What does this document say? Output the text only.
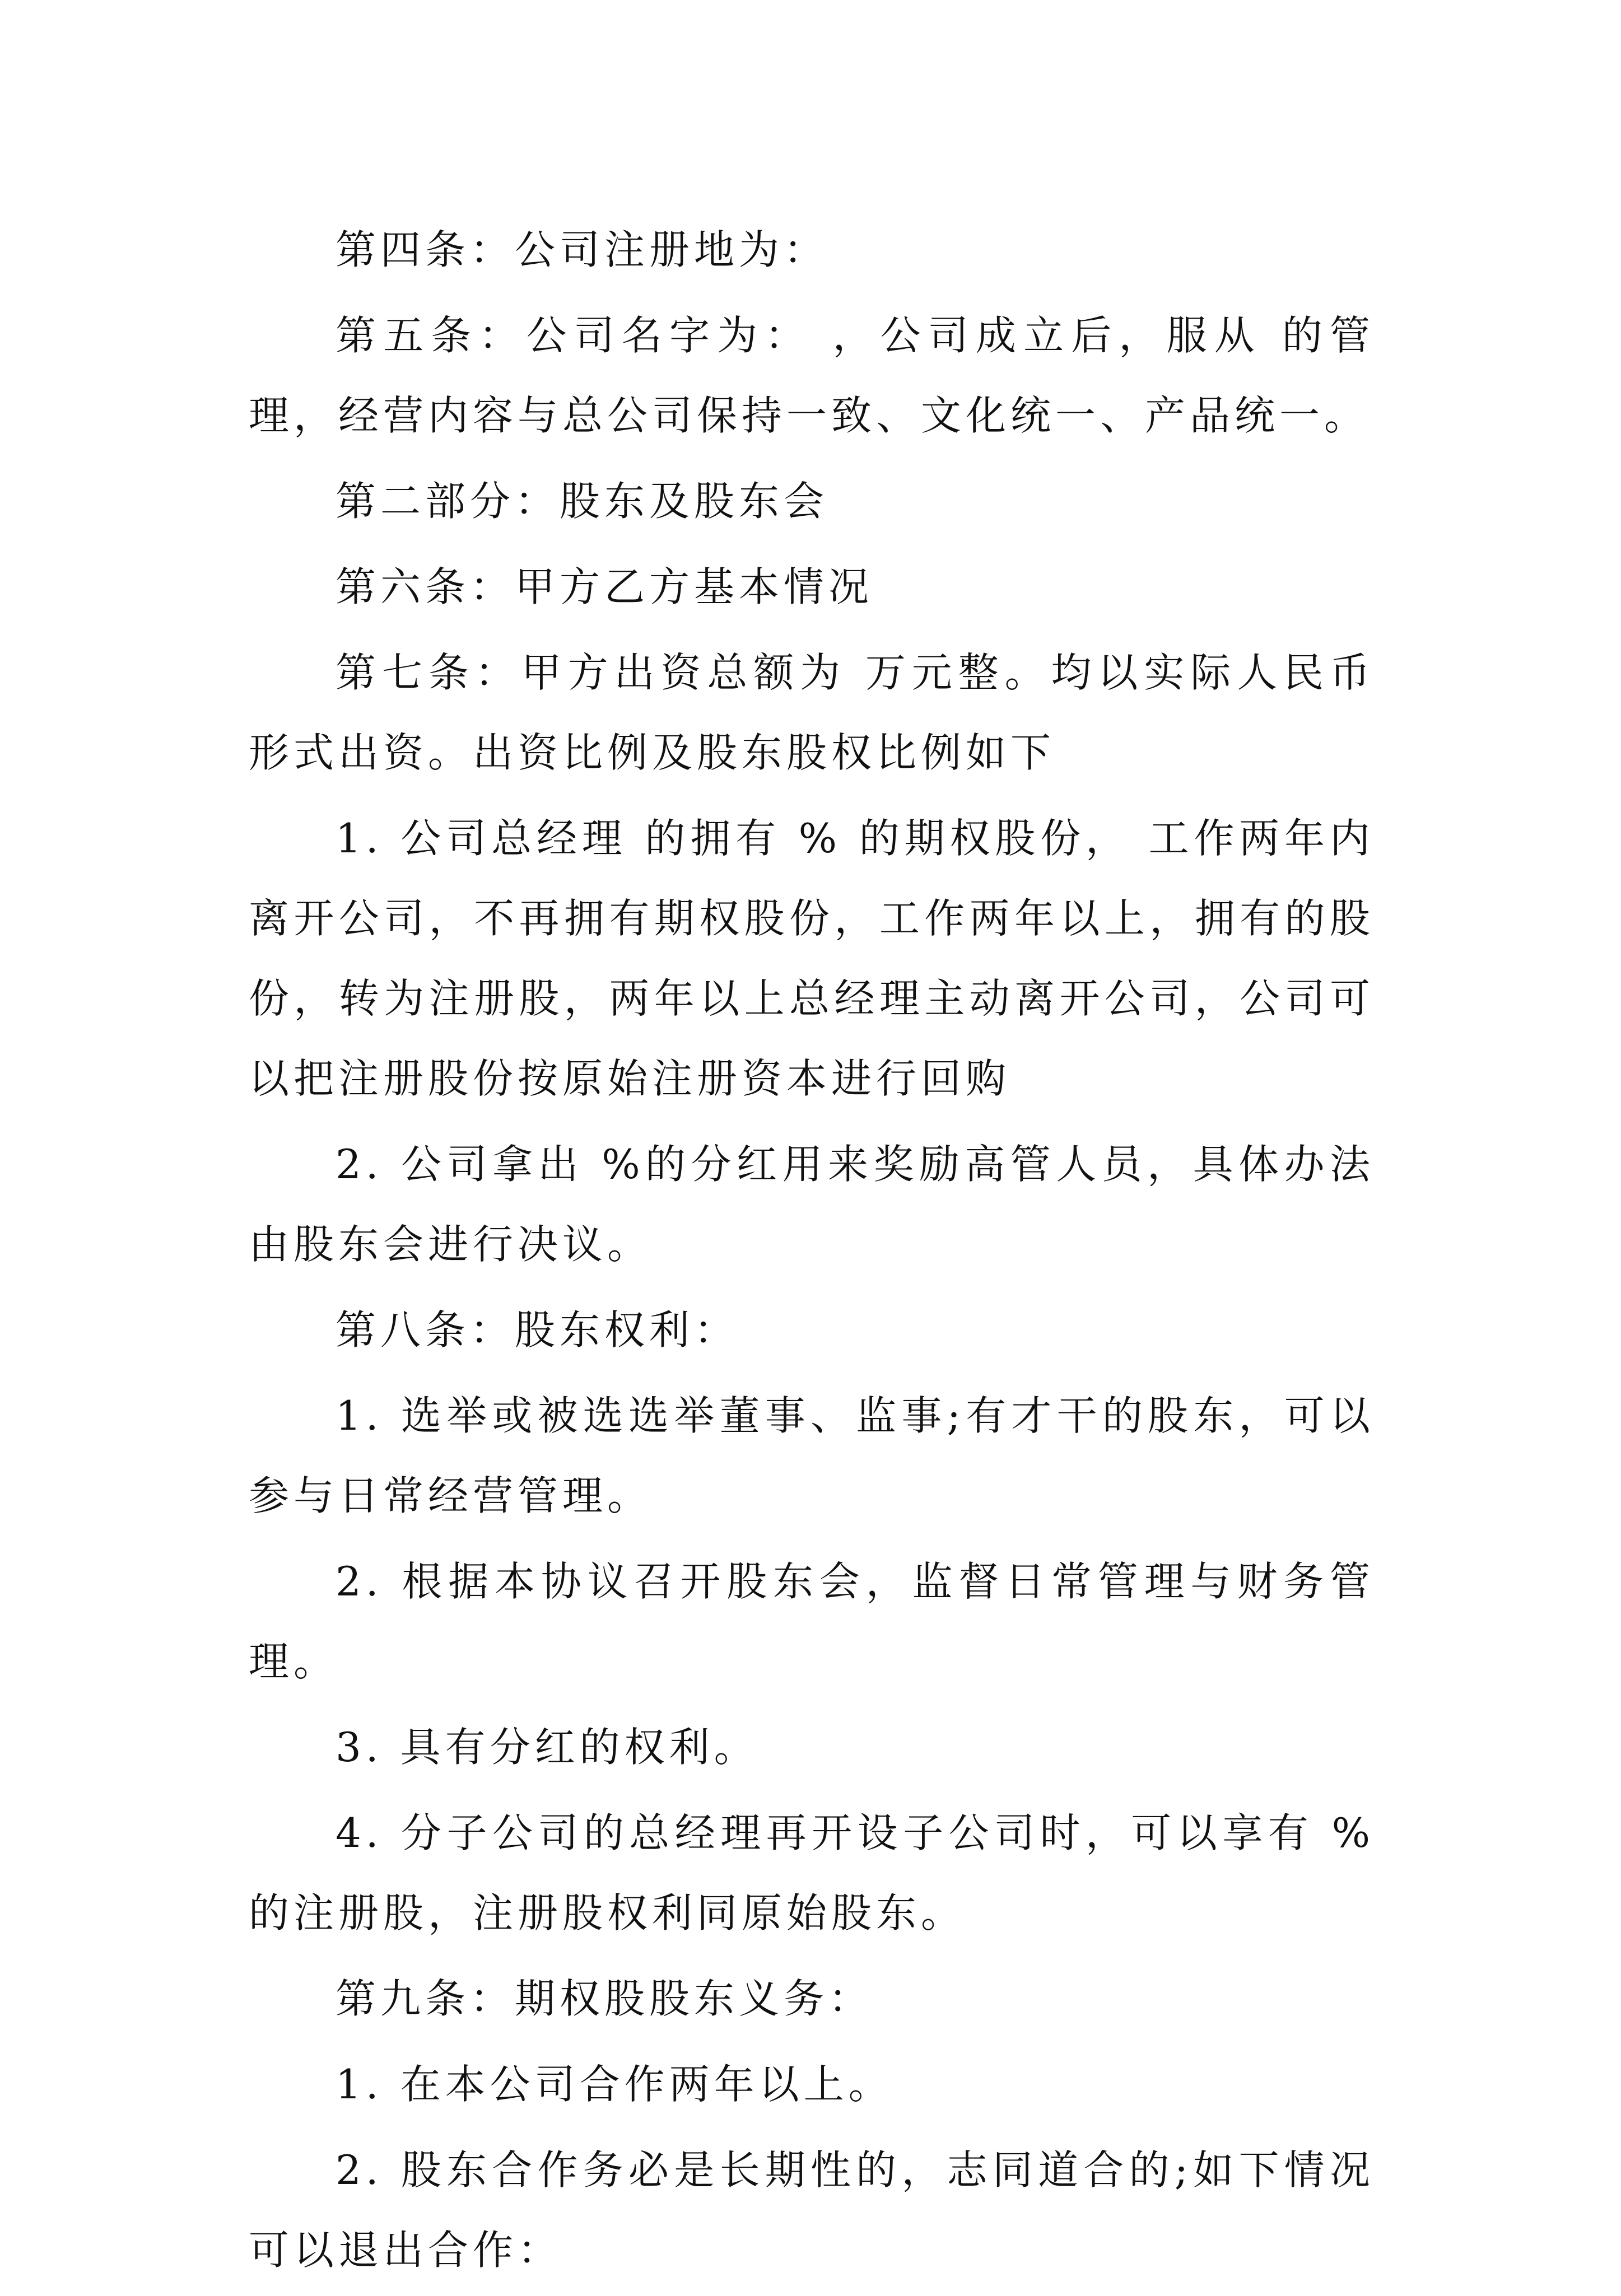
第四条：公司注册地为：

第五条：公司名字为： ，公司成立后，服从 的管理，经营内容与总公司保持一致、文化统一、产品统一。

第二部分：股东及股东会

第六条：甲方乙方基本情况

第七条：甲方出资总额为 万元整。均以实际人民币形式出资。出资比例及股东股权比例如下

1. 公司总经理 的拥有 % 的期权股份， 工作两年内离开公司，不再拥有期权股份，工作两年以上，拥有的股份，转为注册股，两年以上总经理主动离开公司，公司可以把注册股份按原始注册资本进行回购

2. 公司拿出 %的分红用来奖励高管人员，具体办法由股东会进行决议。

第八条：股东权利：

1. 选举或被选选举董事、监事;有才干的股东，可以参与日常经营管理。

2. 根据本协议召开股东会，监督日常管理与财务管理。

3. 具有分红的权利。

4. 分子公司的总经理再开设子公司时，可以享有 %的注册股，注册股权利同原始股东。

第九条：期权股股东义务：

1. 在本公司合作两年以上。

2. 股东合作务必是长期性的，志同道合的;如下情况可以退出合作：
